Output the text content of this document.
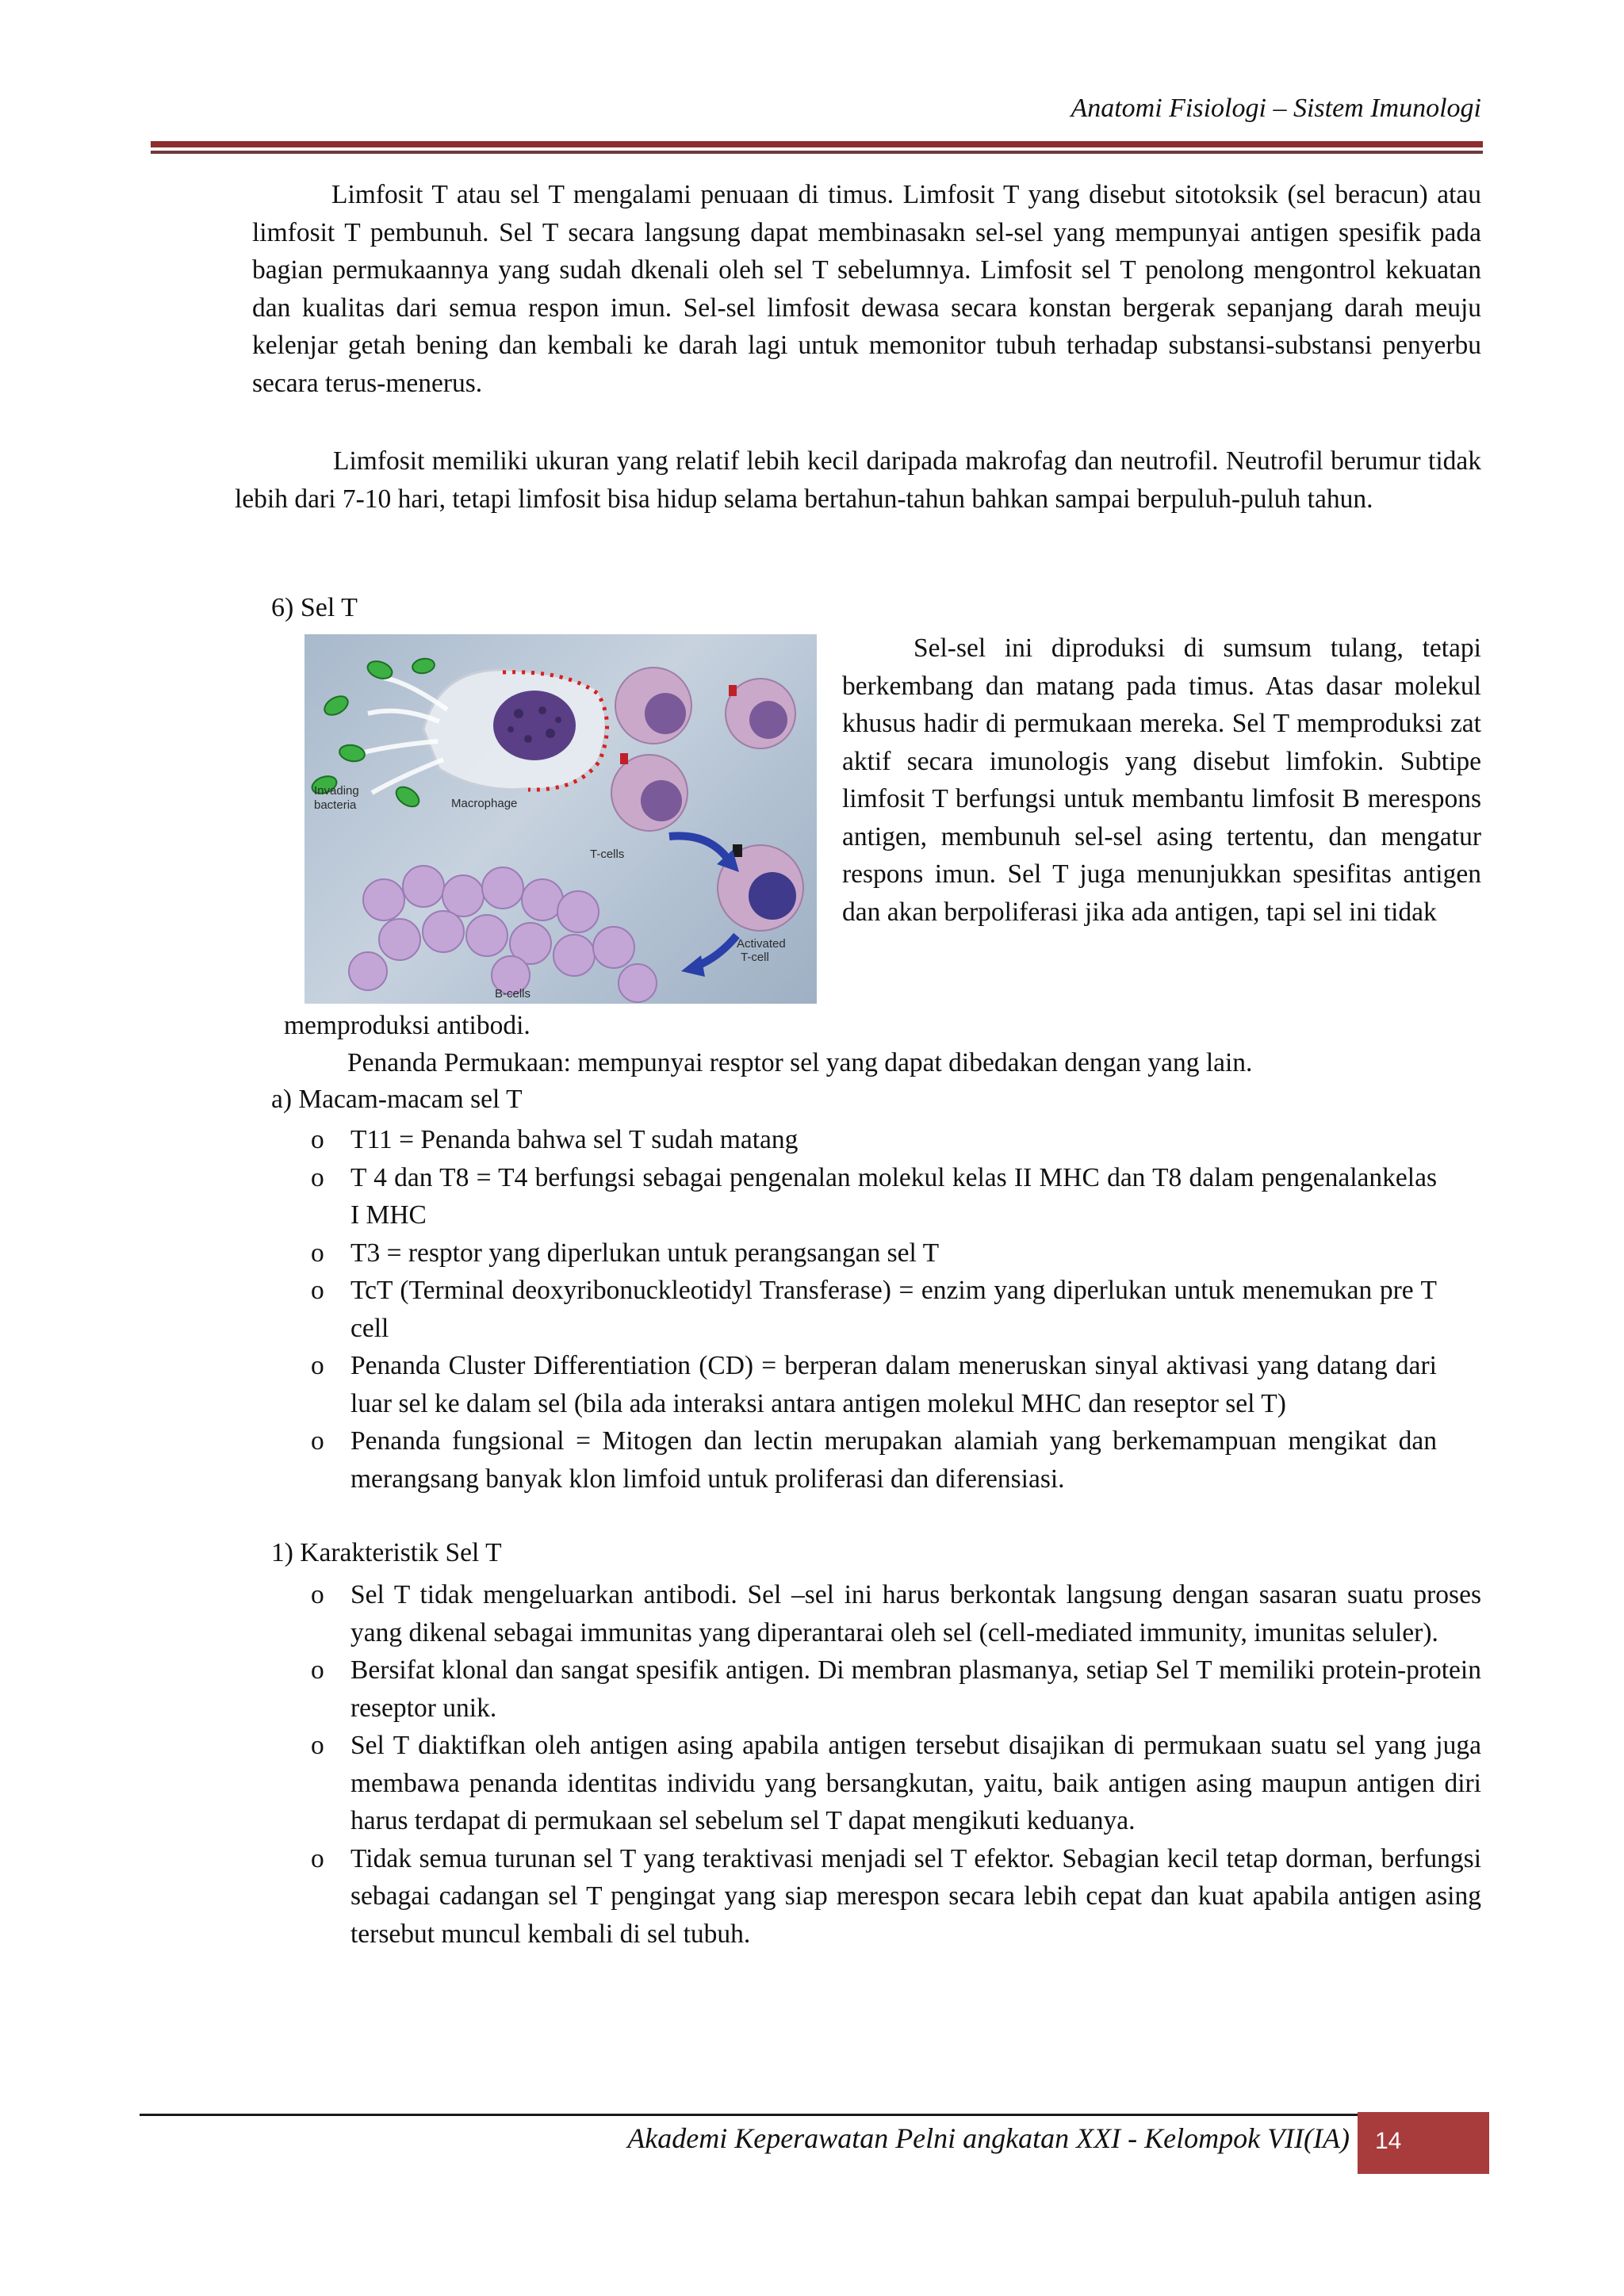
Anatomi Fisiologi – Sistem Imunologi

Limfosit T atau sel T mengalami penuaan di timus. Limfosit T yang disebut sitotoksik (sel beracun) atau limfosit T pembunuh. Sel T secara langsung dapat membinasakn sel-sel yang mempunyai antigen spesifik pada bagian permukaannya yang sudah dkenali oleh sel T sebelumnya. Limfosit sel T penolong mengontrol kekuatan dan kualitas dari semua respon imun. Sel-sel limfosit dewasa secara konstan bergerak sepanjang darah meuju kelenjar getah bening dan kembali ke darah lagi untuk memonitor tubuh terhadap substansi-substansi penyerbu secara terus-menerus.

Limfosit memiliki ukuran yang relatif lebih kecil daripada makrofag dan neutrofil. Neutrofil berumur tidak lebih dari 7-10 hari, tetapi limfosit bisa hidup selama bertahun-tahun bahkan sampai berpuluh-puluh tahun.

6) Sel T
Invading
bacteria	Macrophage
T-cells
Activated
T-cell
B-cells

Sel-sel ini diproduksi di sumsum tulang, tetapi berkembang dan matang pada timus. Atas dasar molekul khusus hadir di permukaan mereka. Sel T memproduksi zat aktif secara imunologis yang disebut limfokin. Subtipe limfosit T berfungsi untuk membantu limfosit B merespons antigen, membunuh sel-sel asing tertentu, dan mengatur respons imun. Sel T juga menunjukkan spesifitas antigen dan akan berpoliferasi jika ada antigen, tapi sel ini tidak

memproduksi antibodi.
Penanda Permukaan: mempunyai resptor sel yang dapat dibedakan dengan yang lain.
a) Macam-macam sel T
o T11 = Penanda bahwa sel T sudah matang
o T 4 dan T8 = T4 berfungsi sebagai pengenalan molekul kelas II MHC dan T8 dalam pengenalankelas I MHC
o T3 = resptor yang diperlukan untuk perangsangan sel T
o TcT (Terminal deoxyribonuckleotidyl Transferase) = enzim yang diperlukan untuk menemukan pre T cell
o Penanda Cluster Differentiation (CD) = berperan dalam meneruskan sinyal aktivasi yang datang dari luar sel ke dalam sel (bila ada interaksi antara antigen molekul MHC dan reseptor sel T)
o Penanda fungsional = Mitogen dan lectin merupakan alamiah yang berkemampuan mengikat dan merangsang banyak klon limfoid untuk proliferasi dan diferensiasi.
1) Karakteristik Sel T
o Sel T tidak mengeluarkan antibodi. Sel –sel ini harus berkontak langsung dengan sasaran suatu proses yang dikenal sebagai immunitas yang diperantarai oleh sel (cell-mediated immunity, imunitas seluler).
o Bersifat klonal dan sangat spesifik antigen. Di membran plasmanya, setiap Sel T memiliki protein-protein reseptor unik.
o Sel T diaktifkan oleh antigen asing apabila antigen tersebut disajikan di permukaan suatu sel yang juga membawa penanda identitas individu yang bersangkutan, yaitu, baik antigen asing maupun antigen diri harus terdapat di permukaan sel sebelum sel T dapat mengikuti keduanya.
o Tidak semua turunan sel T yang teraktivasi menjadi sel T efektor. Sebagian kecil tetap dorman, berfungsi sebagai cadangan sel T pengingat yang siap merespon secara lebih cepat dan kuat apabila antigen asing tersebut muncul kembali di sel tubuh.
Akademi Keperawatan Pelni angkatan XXI - Kelompok VII(IA)	14
